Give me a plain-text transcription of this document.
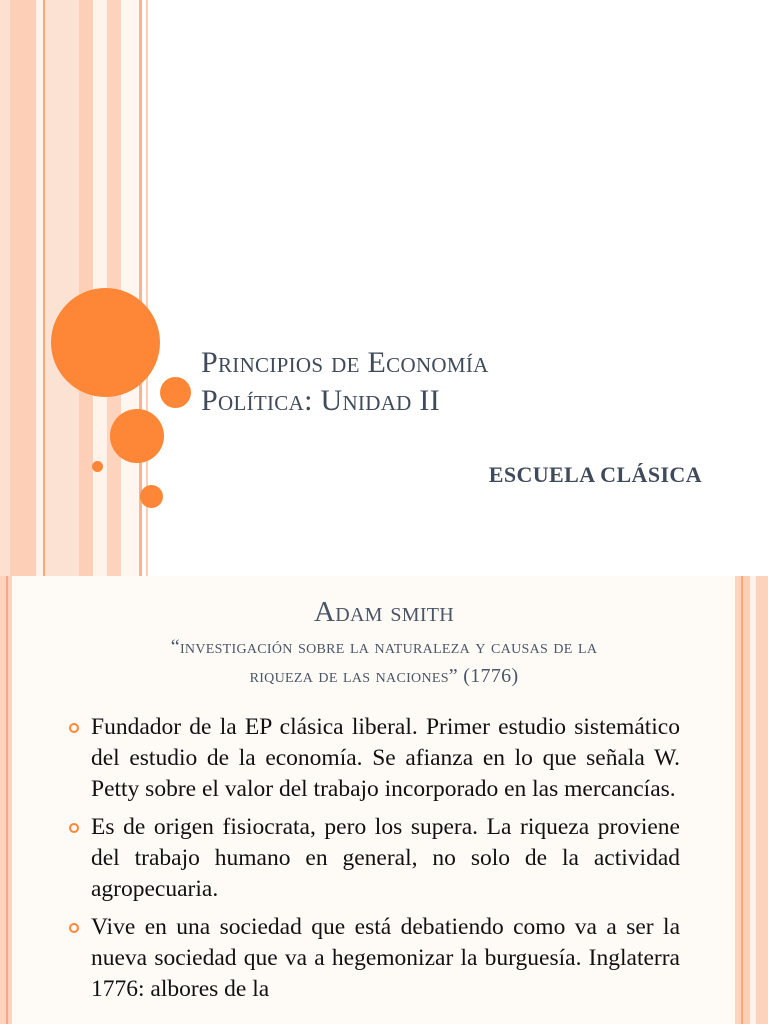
Principios de Economía
Política: Unidad II
ESCUELA CLÁSICA
Adam smith
“investigación sobre la naturaleza y causas de la
riqueza de las naciones” (1776)
Fundador de la EP clásica liberal. Primer estudio sistemático del estudio de la economía. Se afianza en lo que señala W. Petty sobre el valor del trabajo incorporado en las mercancías.
Es de origen fisiocrata, pero los supera. La riqueza proviene del trabajo humano en general, no solo de la actividad agropecuaria.
Vive en una sociedad que está debatiendo como va a ser la nueva sociedad que va a hegemonizar la burguesía. Inglaterra 1776: albores de la
